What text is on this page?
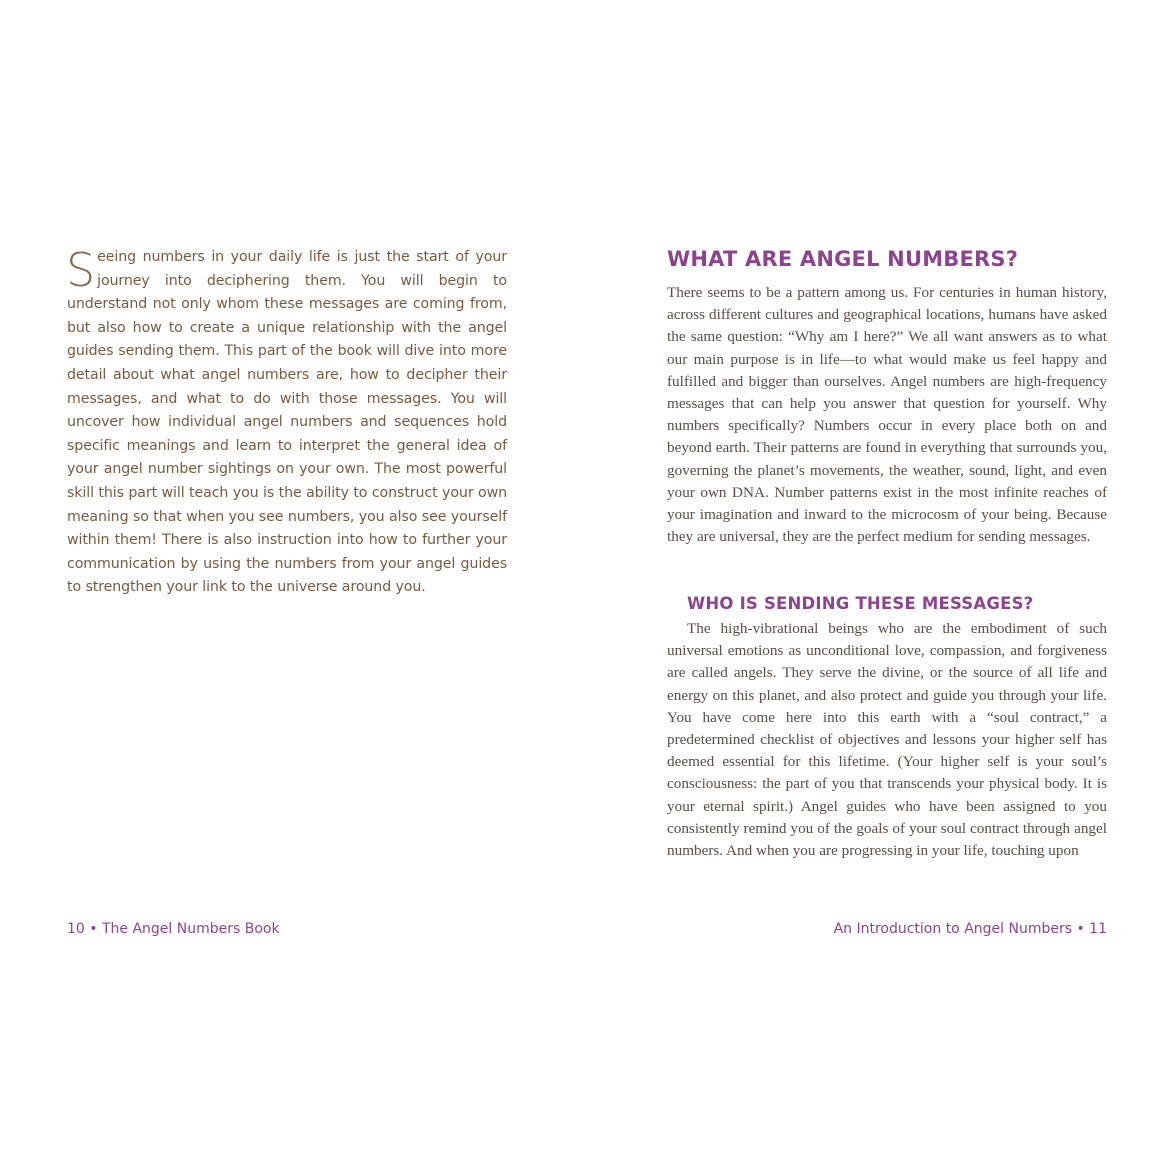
Seeing numbers in your daily life is just the start of your journey into deciphering them. You will begin to understand not only whom these messages are coming from, but also how to create a unique relationship with the angel guides sending them. This part of the book will dive into more detail about what angel numbers are, how to decipher their messages, and what to do with those messages. You will uncover how individual angel numbers and sequences hold specific meanings and learn to interpret the general idea of your angel number sightings on your own. The most powerful skill this part will teach you is the ability to construct your own meaning so that when you see numbers, you also see yourself within them! There is also instruction into how to further your communication by using the numbers from your angel guides to strengthen your link to the universe around you.

10 • The Angel Numbers Book

WHAT ARE ANGEL NUMBERS?

There seems to be a pattern among us. For centuries in human history, across different cultures and geographical locations, humans have asked the same question: “Why am I here?” We all want answers as to what our main purpose is in life—to what would make us feel happy and fulfilled and bigger than ourselves. Angel numbers are high-frequency messages that can help you answer that question for yourself. Why numbers specifically? Numbers occur in every place both on and beyond earth. Their patterns are found in everything that surrounds you, governing the planet’s movements, the weather, sound, light, and even your own DNA. Number patterns exist in the most infinite reaches of your imagination and inward to the microcosm of your being. Because they are universal, they are the perfect medium for sending messages.

WHO IS SENDING THESE MESSAGES?

The high-vibrational beings who are the embodiment of such universal emotions as unconditional love, compassion, and forgiveness are called angels. They serve the divine, or the source of all life and energy on this planet, and also protect and guide you through your life. You have come here into this earth with a “soul contract,” a predetermined checklist of objectives and lessons your higher self has deemed essential for this lifetime. (Your higher self is your soul’s consciousness: the part of you that transcends your physical body. It is your eternal spirit.) Angel guides who have been assigned to you consistently remind you of the goals of your soul contract through angel numbers. And when you are progressing in your life, touching upon

An Introduction to Angel Numbers • 11
